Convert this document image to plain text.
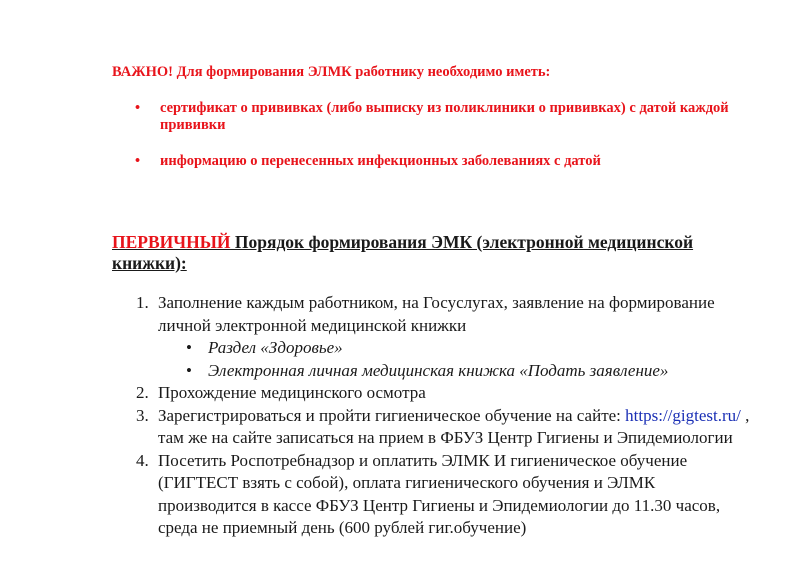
ВАЖНО! Для формирования ЭЛМК работнику необходимо иметь:
• сертификат о прививках (либо выписку из поликлиники о прививках) с датой каждой прививки
• информацию о перенесенных инфекционных заболеваниях с датой
ПЕРВИЧНЫЙ Порядок формирования ЭМК (электронной медицинской книжки):
1. Заполнение каждым работником, на Госуслугах, заявление на формирование личной электронной медицинской книжки
• Раздел «Здоровье»
• Электронная личная медицинская книжка «Подать заявление»
2. Прохождение медицинского осмотра
3. Зарегистрироваться и пройти гигиеническое обучение на сайте: https://gigtest.ru/ , там же на сайте записаться на прием в ФБУЗ Центр Гигиены и Эпидемиологии
4. Посетить Роспотребнадзор и оплатить ЭЛМК И гигиеническое обучение (ГИГТЕСТ взять с собой), оплата гигиенического обучения и ЭЛМК производится в кассе ФБУЗ Центр Гигиены и Эпидемиологии до 11.30 часов, среда не приемный день (600 рублей гиг.обучение)
